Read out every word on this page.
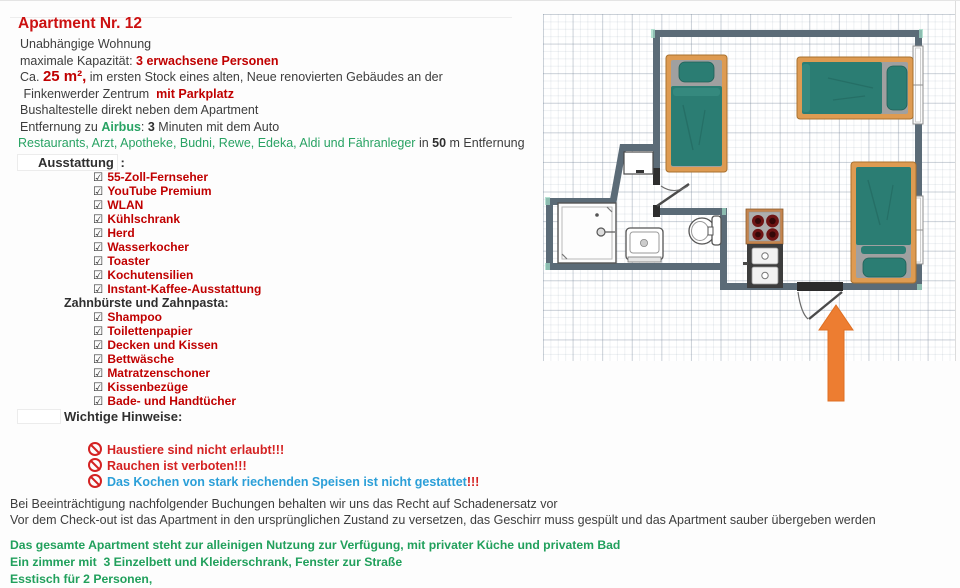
Apartment Nr. 12

Unabhängige Wohnung

maximale Kapazität: 3 erwachsene Personen

Ca. 25 m², im ersten Stock eines alten, Neue renovierten Gebäudes an der

Finkenwerder Zentrum  mit Parkplatz

Bushaltestelle direkt neben dem Apartment

Entfernung zu Airbus: 3 Minuten mit dem Auto

Restaurants, Arzt, Apotheke, Budni, Rewe, Edeka, Aldi und Fähranleger in 50 m Entfernung

Ausstattung :
☑ 55-Zoll-Fernseher
☑ YouTube Premium
☑ WLAN
☑ Kühlschrank
☑ Herd
☑ Wasserkocher
☑ Toaster
☑ Kochutensilien
☑ Instant-Kaffee-Ausstattung
Zahnbürste und Zahnpasta:
☑ Shampoo
☑ Toilettenpapier
☑ Decken und Kissen
☑ Bettwäsche
☑ Matratzenschoner
☑ Kissenbezüge
☑ Bade- und Handtücher
Wichtige Hinweise:
Haustiere sind nicht erlaubt!!!
Rauchen ist verboten!!!
Das Kochen von stark riechenden Speisen ist nicht gestattet!!!
Bei Beeinträchtigung nachfolgender Buchungen behalten wir uns das Recht auf Schadenersatz vor
Vor dem Check-out ist das Apartment in den ursprünglichen Zustand zu versetzen, das Geschirr muss gespült und das Apartment sauber übergeben werden
Das gesamte Apartment steht zur alleinigen Nutzung zur Verfügung, mit privater Küche und privatem Bad
Ein zimmer mit  3 Einzelbett und Kleiderschrank, Fenster zur Straße
Esstisch für 2 Personen,
